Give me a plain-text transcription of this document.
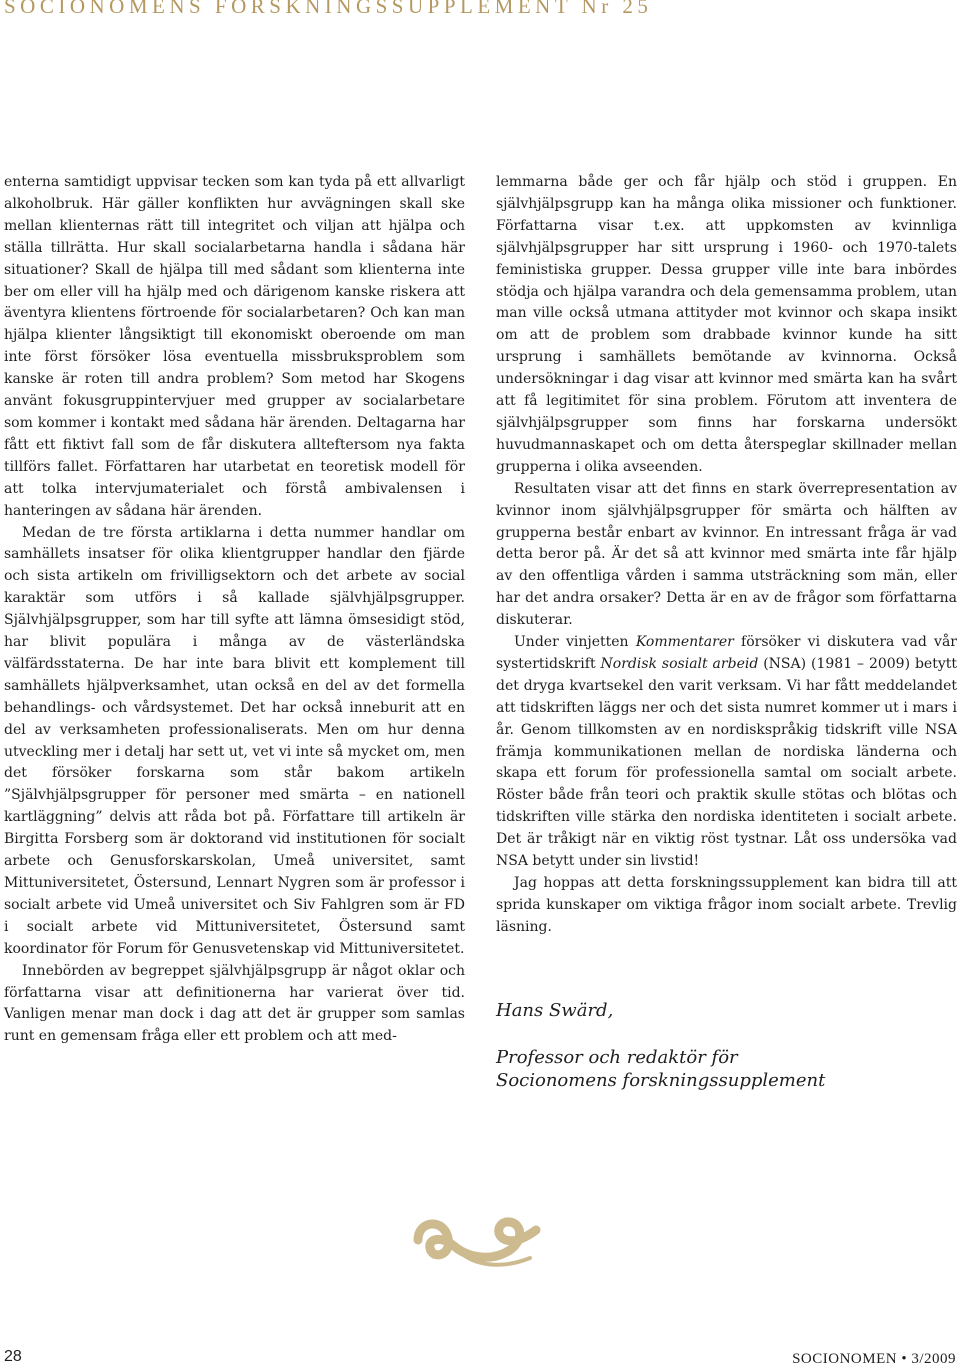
SOCIONOMENS FORSKNINGSSUPPLEMENT Nr 25

enterna samtidigt uppvisar tecken som kan tyda på ett allvarligt alkoholbruk. Här gäller konflikten hur avvägningen skall ske mellan klienternas rätt till integritet och viljan att hjälpa och ställa tillrätta. Hur skall socialarbetarna handla i sådana här situationer? Skall de hjälpa till med sådant som klienterna inte ber om eller vill ha hjälp med och därigenom kanske riskera att äventyra klientens förtroende för socialarbetaren? Och kan man hjälpa klienter långsiktigt till ekonomiskt oberoende om man inte först försöker lösa eventuella missbruksproblem som kanske är roten till andra problem? Som metod har Skogens använt fokusgruppintervjuer med grupper av socialarbetare som kommer i kontakt med sådana här ärenden. Deltagarna har fått ett fiktivt fall som de får diskutera allteftersom nya fakta tillförs fallet. Författaren har utarbetat en teoretisk modell för att tolka intervjumaterialet och förstå ambivalensen i hanteringen av sådana här ärenden.

Medan de tre första artiklarna i detta nummer handlar om samhällets insatser för olika klientgrupper handlar den fjärde och sista artikeln om frivilligsektorn och det arbete av social karaktär som utförs i så kallade självhjälpsgrupper. Självhjälpsgrupper, som har till syfte att lämna ömsesidigt stöd, har blivit populära i många av de västerländska välfärdsstaterna. De har inte bara blivit ett komplement till samhällets hjälpverksamhet, utan också en del av det formella behandlings- och vårdsystemet. Det har också inneburit att en del av verksamheten professionaliserats. Men om hur denna utveckling mer i detalj har sett ut, vet vi inte så mycket om, men det försöker forskarna som står bakom artikeln ”Självhjälpsgrupper för personer med smärta – en nationell kartläggning” delvis att råda bot på. Författare till artikeln är Birgitta Forsberg som är doktorand vid institutionen för socialt arbete och Genusforskarskolan, Umeå universitet, samt Mittuniversitetet, Östersund, Lennart Nygren som är professor i socialt arbete vid Umeå universitet och Siv Fahlgren som är FD i socialt arbete vid Mittuniversitetet, Östersund samt koordinator för Forum för Genusvetenskap vid Mittuniversitetet.

Innebörden av begreppet självhjälpsgrupp är något oklar och författarna visar att definitionerna har varierat över tid. Vanligen menar man dock i dag att det är grupper som samlas runt en gemensam fråga eller ett problem och att med-

lemmarna både ger och får hjälp och stöd i gruppen. En självhjälpsgrupp kan ha många olika missioner och funktioner. Författarna visar t.ex. att uppkomsten av kvinnliga självhjälpsgrupper har sitt ursprung i 1960- och 1970-talets feministiska grupper. Dessa grupper ville inte bara inbördes stödja och hjälpa varandra och dela gemensamma problem, utan man ville också utmana attityder mot kvinnor och skapa insikt om att de problem som drabbade kvinnor kunde ha sitt ursprung i samhällets bemötande av kvinnorna. Också undersökningar i dag visar att kvinnor med smärta kan ha svårt att få legitimitet för sina problem. Förutom att inventera de självhjälpsgrupper som finns har forskarna undersökt huvudmannaskapet och om detta återspeglar skillnader mellan grupperna i olika avseenden.

Resultaten visar att det finns en stark överrepresentation av kvinnor inom självhjälpsgrupper för smärta och hälften av grupperna består enbart av kvinnor. En intressant fråga är vad detta beror på. Är det så att kvinnor med smärta inte får hjälp av den offentliga vården i samma utsträckning som män, eller har det andra orsaker? Detta är en av de frågor som författarna diskuterar.

Under vinjetten Kommentarer försöker vi diskutera vad vår systertidskrift Nordisk sosialt arbeid (NSA) (1981 – 2009) betytt det dryga kvartsekel den varit verksam. Vi har fått meddelandet att tidskriften läggs ner och det sista numret kommer ut i mars i år. Genom tillkomsten av en nordiskspråkig tidskrift ville NSA främja kommunikationen mellan de nordiska länderna och skapa ett forum för professionella samtal om socialt arbete. Röster både från teori och praktik skulle stötas och blötas och tidskriften ville stärka den nordiska identiteten i socialt arbete. Det är tråkigt när en viktig röst tystnar. Låt oss undersöka vad NSA betytt under sin livstid!

Jag hoppas att detta forskningssupplement kan bidra till att sprida kunskaper om viktiga frågor inom socialt arbete. Trevlig läsning.

Hans Swärd,
Professor och redaktör för
Socionomens forskningssupplement
28	SOCIONOMEN • 3/2009
